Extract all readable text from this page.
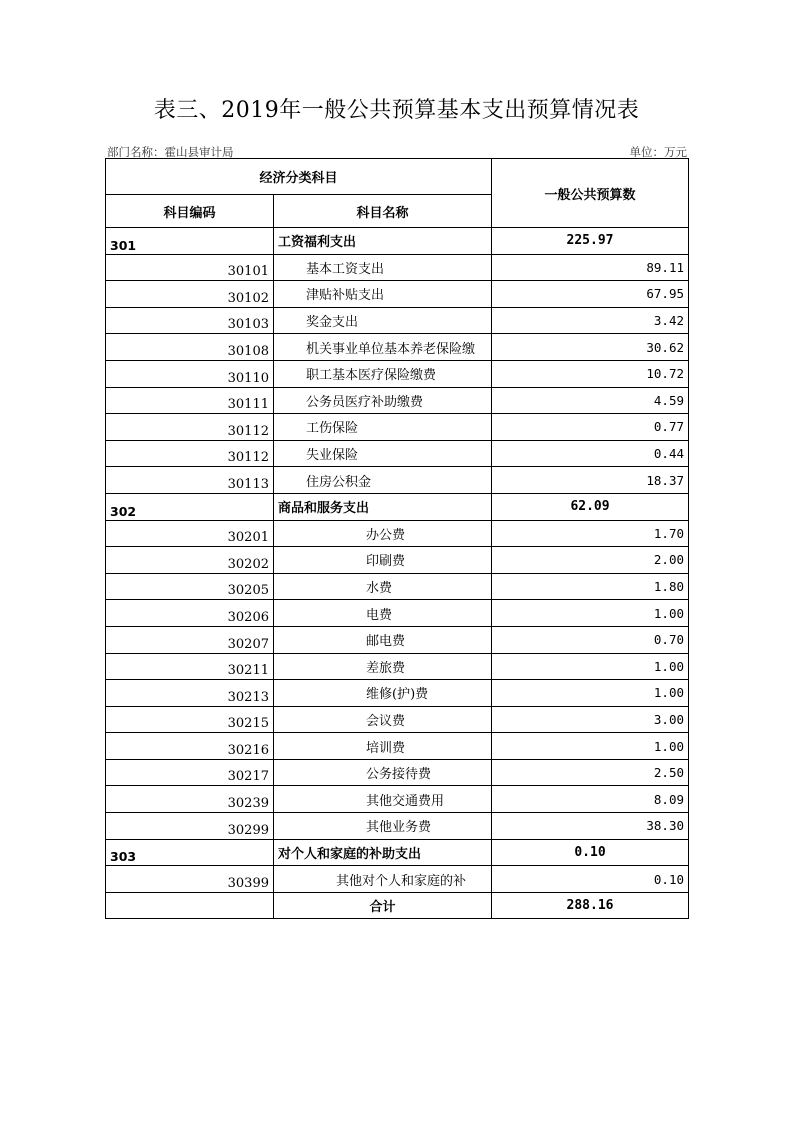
表三、2019年一般公共预算基本支出预算情况表
部门名称：霍山县审计局	单位：万元
经济分类科目		一般公共预算数
科目编码	科目名称	
301	工资福利支出	225.97
30101	基本工资支出	89.11
30102	津贴补贴支出	67.95
30103	奖金支出	3.42
30108	机关事业单位基本养老保险缴	30.62
30110	职工基本医疗保险缴费	10.72
30111	公务员医疗补助缴费	4.59
30112	工伤保险	0.77
30112	失业保险	0.44
30113	住房公积金	18.37
302	商品和服务支出	62.09
30201	办公费	1.70
30202	印刷费	2.00
30205	水费	1.80
30206	电费	1.00
30207	邮电费	0.70
30211	差旅费	1.00
30213	维修(护)费	1.00
30215	会议费	3.00
30216	培训费	1.00
30217	公务接待费	2.50
30239	其他交通费用	8.09
30299	其他业务费	38.30
303	对个人和家庭的补助支出	0.10
30399	其他对个人和家庭的补	0.10
	合计	288.16
